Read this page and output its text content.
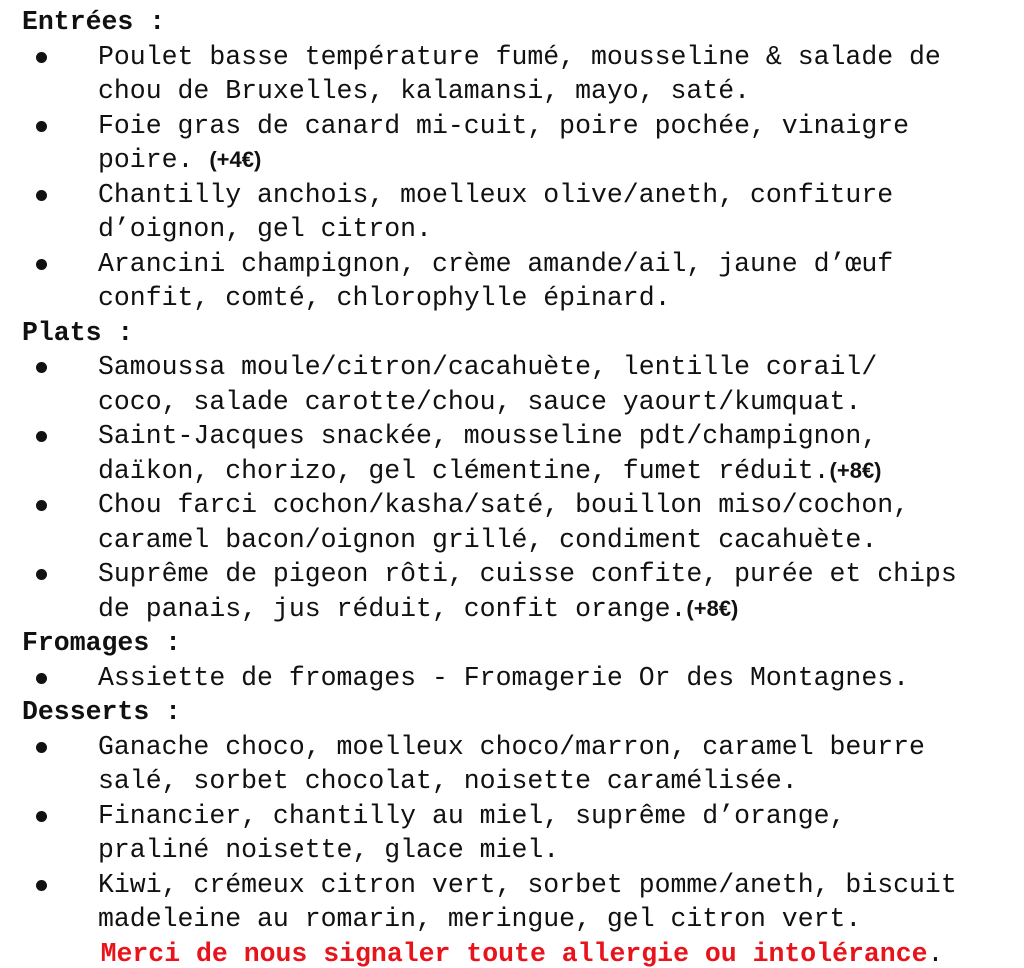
Entrées :
Poulet basse température fumé, mousseline & salade de
chou de Bruxelles, kalamansi, mayo, saté.
Foie gras de canard mi-cuit, poire pochée, vinaigre
poire. (+4€)
Chantilly anchois, moelleux olive/aneth, confiture
d’oignon, gel citron.
Arancini champignon, crème amande/ail, jaune d’œuf
confit, comté, chlorophylle épinard.
Plats :
Samoussa moule/citron/cacahuète, lentille corail/
coco, salade carotte/chou, sauce yaourt/kumquat.
Saint-Jacques snackée, mousseline pdt/champignon,
daïkon, chorizo, gel clémentine, fumet réduit.(+8€)
Chou farci cochon/kasha/saté, bouillon miso/cochon,
caramel bacon/oignon grillé, condiment cacahuète.
Suprême de pigeon rôti, cuisse confite, purée et chips
de panais, jus réduit, confit orange.(+8€)
Fromages :
Assiette de fromages - Fromagerie Or des Montagnes.
Desserts :
Ganache choco, moelleux choco/marron, caramel beurre
salé, sorbet chocolat, noisette caramélisée.
Financier, chantilly au miel, suprême d’orange,
praliné noisette, glace miel.
Kiwi, crémeux citron vert, sorbet pomme/aneth, biscuit
madeleine au romarin, meringue, gel citron vert.
Merci de nous signaler toute allergie ou intolérance.
